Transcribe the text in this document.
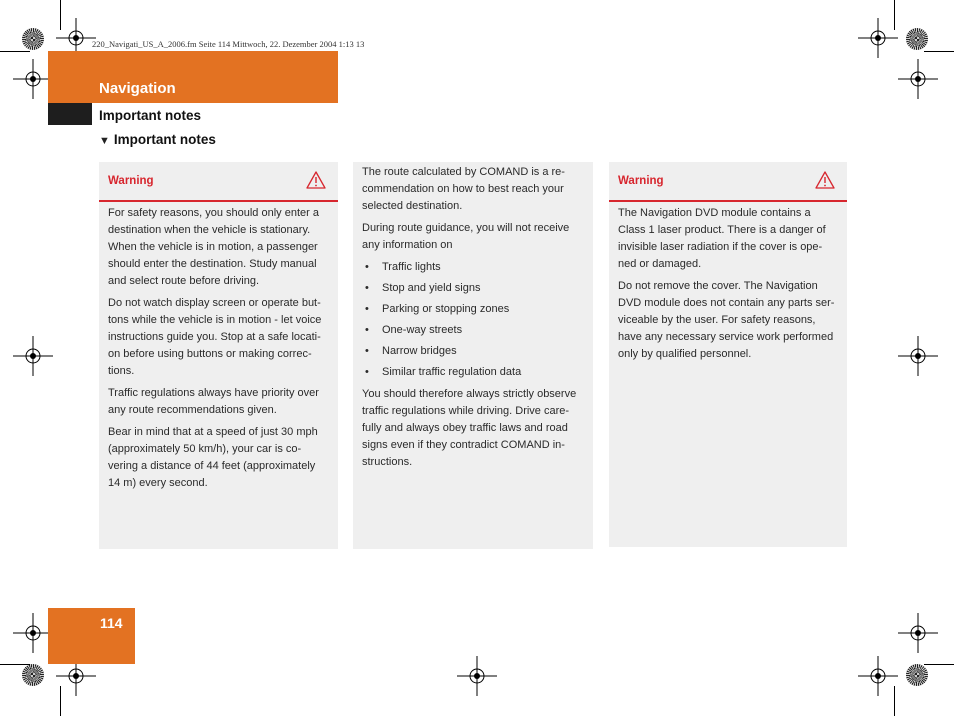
220_Navigati_US_A_2006.fm Seite 114 Mittwoch, 22. Dezember 2004 1:13 13
Navigation
Important notes
▼ Important notes
Warning

For safety reasons, you should only enter a destination when the vehicle is stationary. When the vehicle is in motion, a passenger should enter the destination. Study manual and select route before driving.

Do not watch display screen or operate but-tons while the vehicle is in motion - let voice instructions guide you. Stop at a safe locati-on before using buttons or making correc-tions.

Traffic regulations always have priority over any route recommendations given.

Bear in mind that at a speed of just 30 mph (approximately 50 km/h), your car is co-vering a distance of 44 feet (approximately 14 m) every second.

The route calculated by COMAND is a re-commendation on how to best reach your selected destination.

During route guidance, you will not receive any information on

• Traffic lights
• Stop and yield signs
• Parking or stopping zones
• One-way streets
• Narrow bridges
• Similar traffic regulation data

You should therefore always strictly observe traffic regulations while driving. Drive care-fully and always obey traffic laws and road signs even if they contradict COMAND in-structions.

Warning

The Navigation DVD module contains a Class 1 laser product. There is a danger of invisible laser radiation if the cover is ope-ned or damaged.

Do not remove the cover. The Navigation DVD module does not contain any parts ser-viceable by the user. For safety reasons, have any necessary service work performed only by qualified personnel.

114
